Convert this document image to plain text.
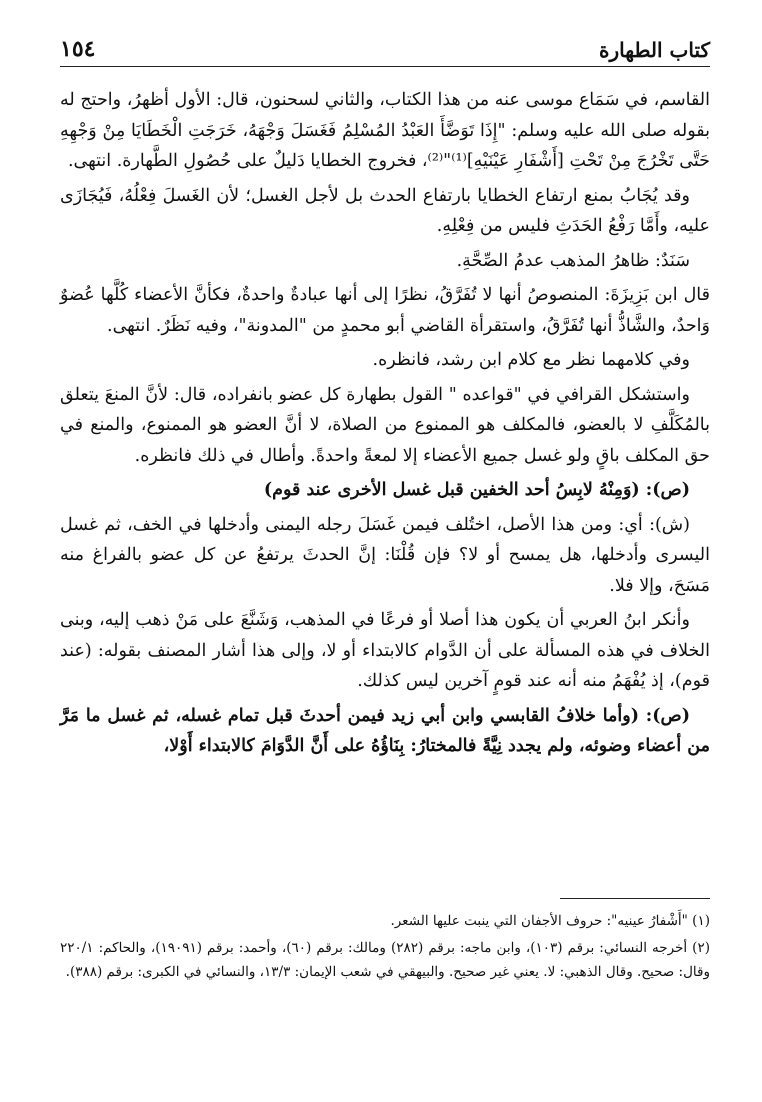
كتاب الطهارة
١٥٤

القاسم، في سَمَاع موسى عنه من هذا الكتاب، والثاني لسحنون، قال: الأول أظهرُ، واحتج له بقوله صلى الله عليه وسلم: "إِذَا تَوَضَّأَ العَبْدُ المُسْلِمُ فَغَسَلَ وَجْهَهُ، خَرَجَتِ الْخَطَايَا مِنْ وَجْهِهِ حَتَّى تَخْرُجَ مِنْ تَحْتِ [أَشْفَارِ عَيْنَيْهِ]⁽¹⁾"⁽²⁾، فخروج الخطايا دَليلٌ على حُصُولِ الطَّهارة. انتهى.

وقد يُجَابُ بمنع ارتفاع الخطايا بارتفاع الحدث بل لأجل الغسل؛ لأن الغَسلَ فِعْلُهُ، فَيُجَازَى عليه، وأَمَّا رَفْعُ الحَدَثِ فليس من فِعْلِهِ.

سَنَدٌ: ظاهرُ المذهب عدمُ الصِّحَّةِ.

قال ابن بَزِيزَةَ: المنصوصُ أنها لا تُفَرَّقُ، نظرًا إلى أنها عبادةٌ واحدةٌ، فكأنَّ الأعضاء كُلَّها عُضوٌ وَاحدٌ، والشَّاذُّ أنها تُفَرَّقُ، واستقرأة القاضي أبو محمدٍ من "المدونة"، وفيه نَظَرٌ. انتهى.

وفي كلامهما نظر مع كلام ابن رشد، فانظره.

واستشكل القرافي في "قواعده " القول بطهارة كل عضو بانفراده، قال: لأنَّ المنعَ يتعلق بالمُكَلَّفِ لا بالعضو، فالمكلف هو الممنوع من الصلاة، لا أنَّ العضو هو الممنوع، والمنع في حق المكلف باقٍ ولو غسل جميع الأعضاء إلا لمعةً واحدةً. وأطال في ذلك فانظره.

(ص): (وَمِنْهُ لابِسُ أحد الخفين قبل غسل الأخرى عند قوم)

(ش): أي: ومن هذا الأصل، اختُلف فيمن غَسَلَ رجله اليمنى وأدخلها في الخف، ثم غسل اليسرى وأدخلها، هل يمسح أو لا؟ فإن قُلْنَا: إنَّ الحدثَ يرتفعُ عن كل عضو بالفراغ منه مَسَحَ، وإلا فلا.

وأنكر ابنُ العربي أن يكون هذا أصلا أو فرعًا في المذهب، وَشَنَّعَ على مَنْ ذهب إليه، وبنى الخلاف في هذه المسألة على أن الدَّوام كالابتداء أو لا، وإلى هذا أشار المصنف بقوله: (عند قوم)، إذ يُفْهَمُ منه أنه عند قومٍ آخرين ليس كذلك.

(ص): (وأما خلافُ القابسي وابن أبي زيد فيمن أحدثَ قبل تمام غسله، ثم غسل ما مَرَّ من أعضاء وضوئه، ولم يجدد نِيَّةً فالمختارُ: بِنَاؤُهُ على أَنَّ الدَّوَامَ كالابتداء أَوْلا،

(١) "أَشْفارُ عينيه": حروف الأجفان التي ينبت عليها الشعر.

(٢) أخرجه النسائي: برقم (١٠٣)، وابن ماجه: برقم (٢٨٢) ومالك: برقم (٦٠)، وأحمد: برقم (١٩٠٩١)، والحاكم: ٢٢٠/١ وقال: صحيح. وقال الذهبي: لا. يعني غير صحيح. والبيهقي في شعب الإيمان: ١٣/٣، والنسائي في الكبرى: برقم (٣٨٨).
